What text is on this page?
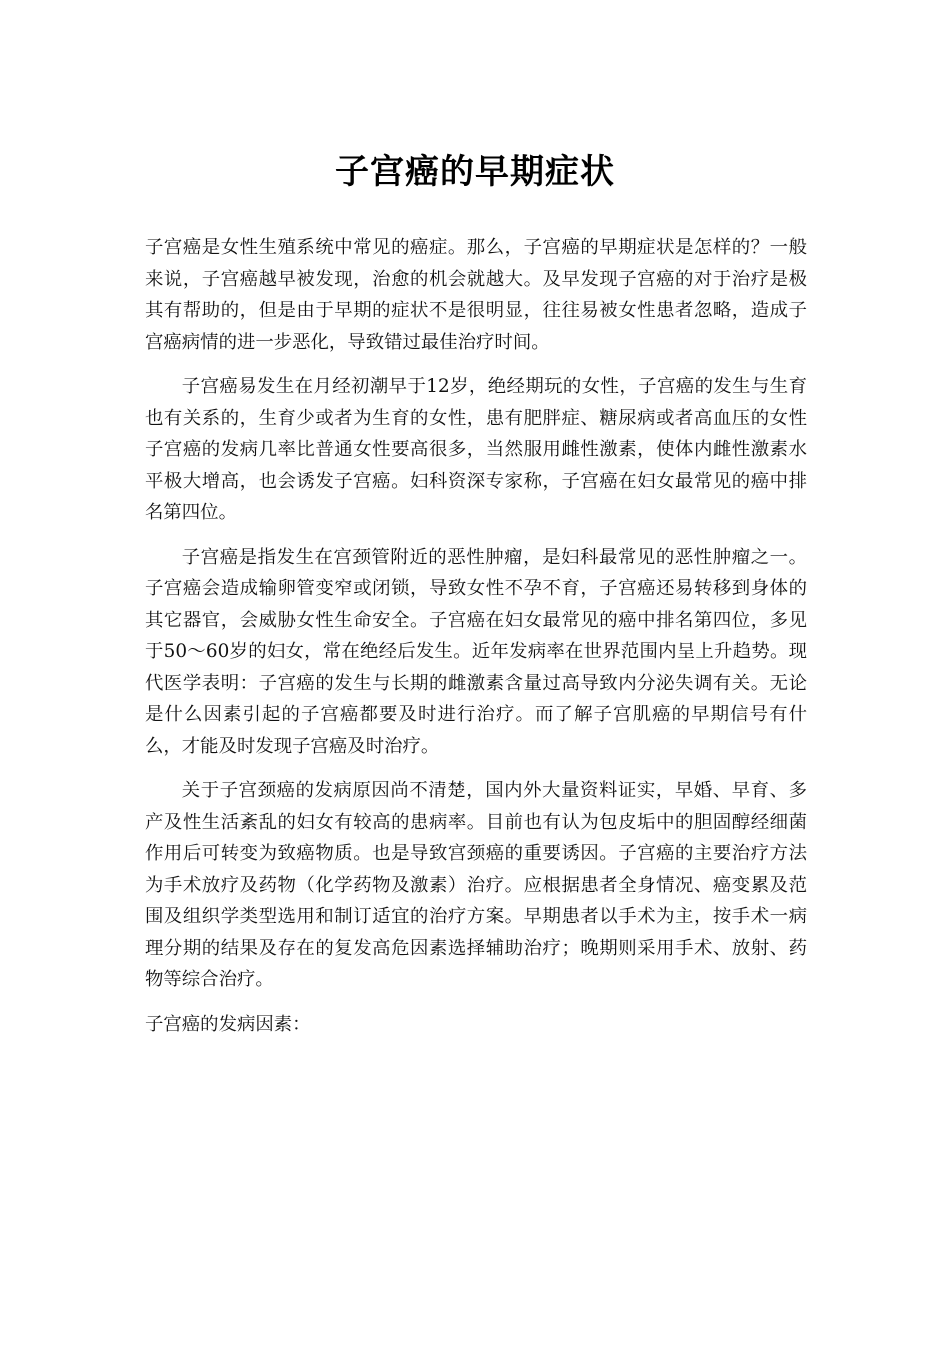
子宫癌的早期症状

子宫癌是女性生殖系统中常见的癌症。那么，子宫癌的早期症状是怎样的？一般来说，子宫癌越早被发现，治愈的机会就越大。及早发现子宫癌的对于治疗是极其有帮助的，但是由于早期的症状不是很明显，往往易被女性患者忽略，造成子宫癌病情的进一步恶化，导致错过最佳治疗时间。

子宫癌易发生在月经初潮早于12岁，绝经期玩的女性，子宫癌的发生与生育也有关系的，生育少或者为生育的女性，患有肥胖症、糖尿病或者高血压的女性子宫癌的发病几率比普通女性要高很多，当然服用雌性激素，使体内雌性激素水平极大增高，也会诱发子宫癌。妇科资深专家称，子宫癌在妇女最常见的癌中排名第四位。

子宫癌是指发生在宫颈管附近的恶性肿瘤，是妇科最常见的恶性肿瘤之一。子宫癌会造成输卵管变窄或闭锁，导致女性不孕不育，子宫癌还易转移到身体的其它器官，会威胁女性生命安全。子宫癌在妇女最常见的癌中排名第四位，多见于50～60岁的妇女，常在绝经后发生。近年发病率在世界范围内呈上升趋势。现代医学表明：子宫癌的发生与长期的雌激素含量过高导致内分泌失调有关。无论是什么因素引起的子宫癌都要及时进行治疗。而了解子宫肌癌的早期信号有什么，才能及时发现子宫癌及时治疗。

关于子宫颈癌的发病原因尚不清楚，国内外大量资料证实，早婚、早育、多产及性生活紊乱的妇女有较高的患病率。目前也有认为包皮垢中的胆固醇经细菌作用后可转变为致癌物质。也是导致宫颈癌的重要诱因。子宫癌的主要治疗方法为手术放疗及药物（化学药物及激素）治疗。应根据患者全身情况、癌变累及范围及组织学类型选用和制订适宜的治疗方案。早期患者以手术为主，按手术一病理分期的结果及存在的复发高危因素选择辅助治疗；晚期则采用手术、放射、药物等综合治疗。

子宫癌的发病因素：
